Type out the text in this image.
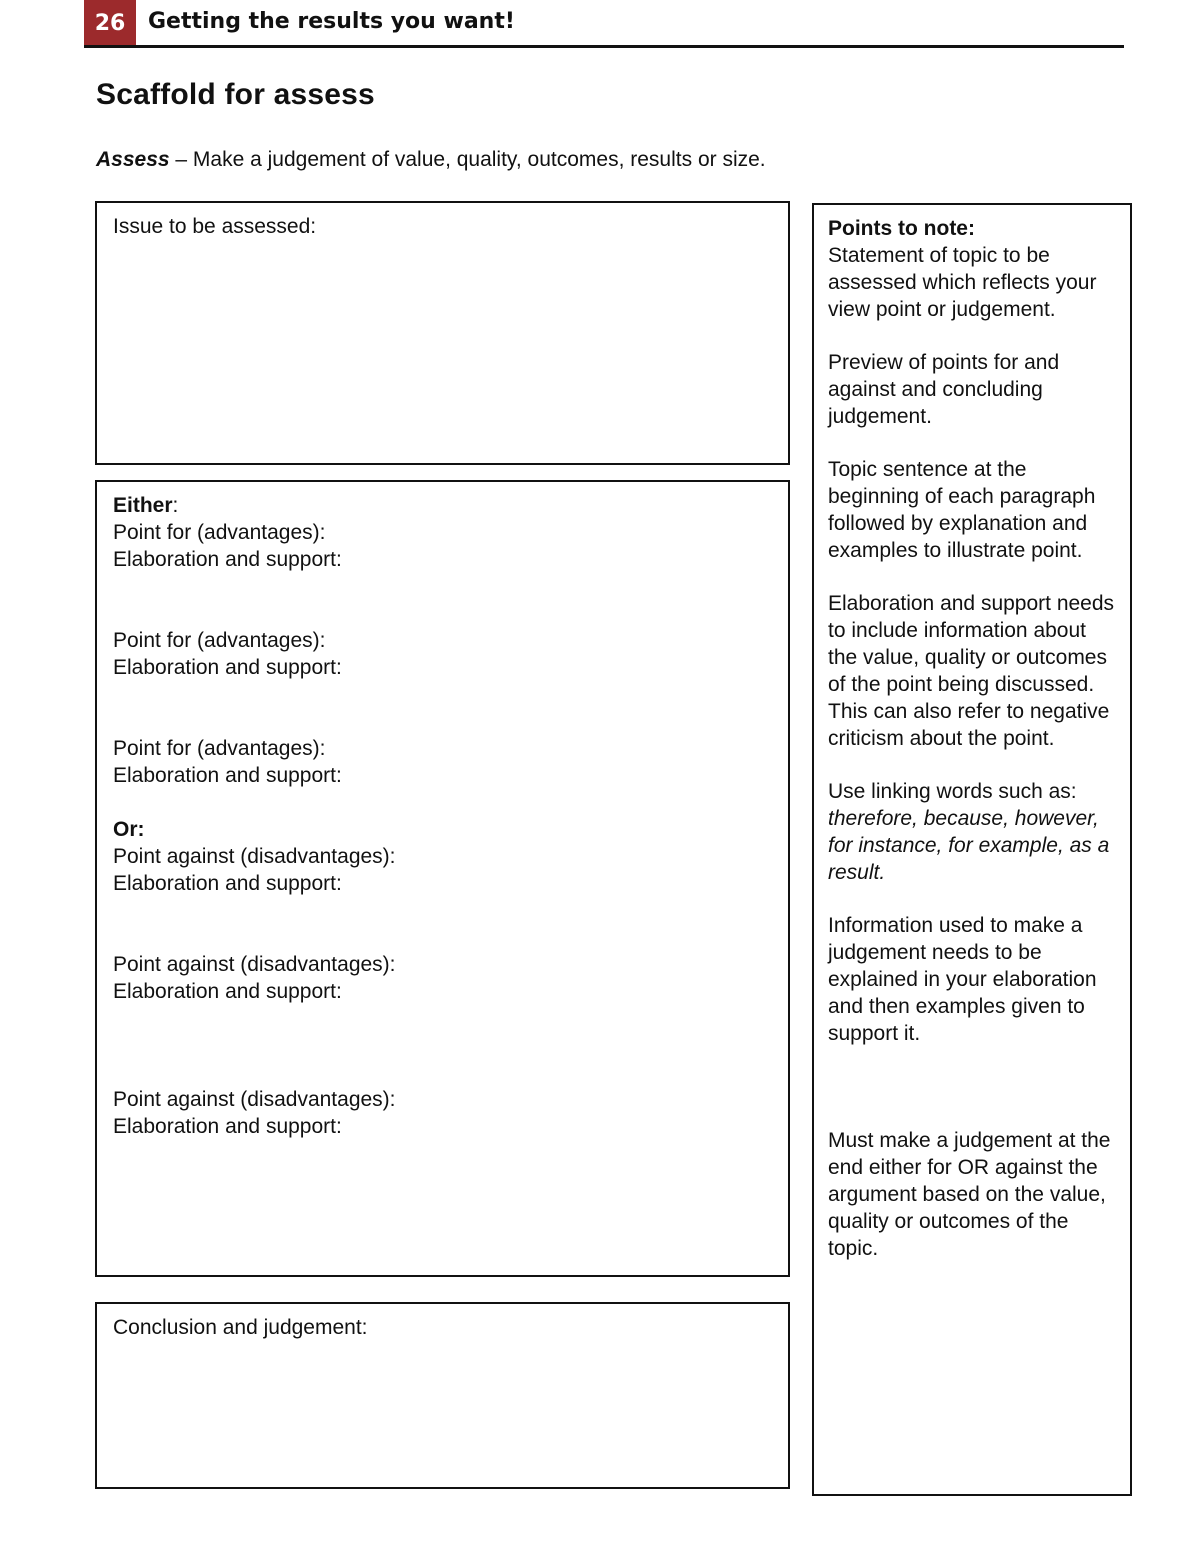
26 Getting the results you want!
Scaffold for assess
Assess – Make a judgement of value, quality, outcomes, results or size.
Issue to be assessed:
Either:
Point for (advantages):
Elaboration and support:
Point for (advantages):
Elaboration and support:
Point for (advantages):
Elaboration and support:
Or:
Point against (disadvantages):
Elaboration and support:
Point against (disadvantages):
Elaboration and support:
Point against (disadvantages):
Elaboration and support:
Conclusion and judgement:
Points to note:
Statement of topic to be assessed which reflects your view point or judgement.
Preview of points for and against and concluding judgement.
Topic sentence at the beginning of each paragraph followed by explanation and examples to illustrate point.
Elaboration and support needs to include information about the value, quality or outcomes of the point being discussed. This can also refer to negative criticism about the point.
Use linking words such as: therefore, because, however, for instance, for example, as a result.
Information used to make a judgement needs to be explained in your elaboration and then examples given to support it.
Must make a judgement at the end either for OR against the argument based on the value, quality or outcomes of the topic.
